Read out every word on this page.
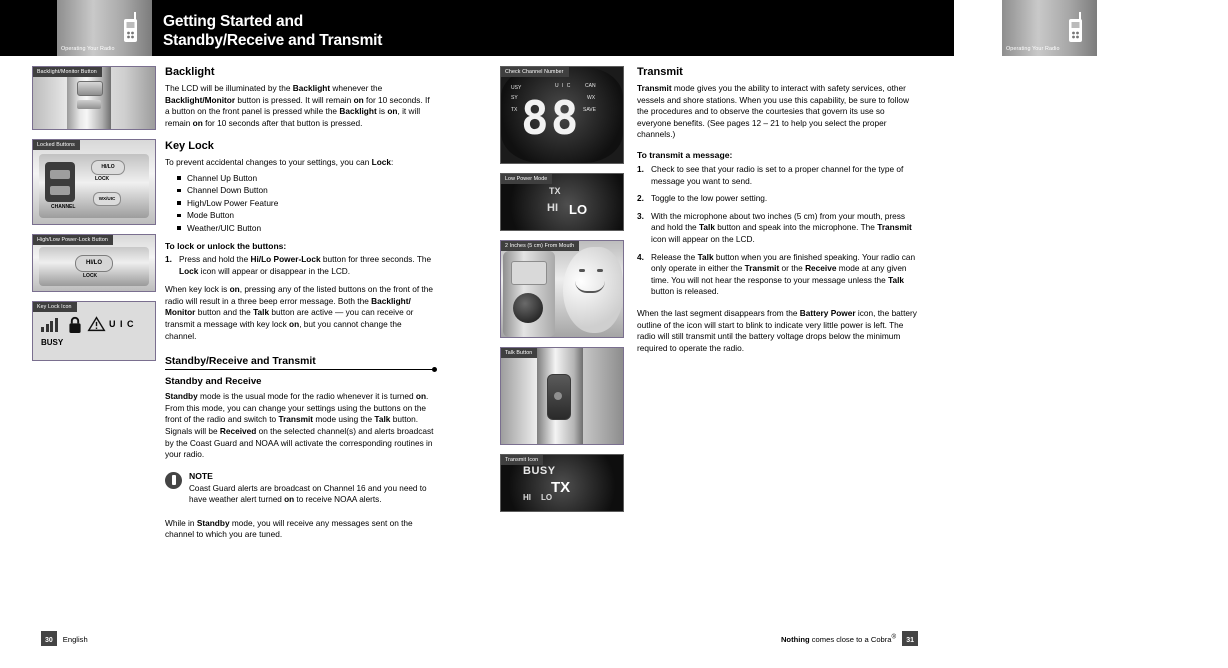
Operating Your Radio
Getting Started and
Standby/Receive and Transmit	Operating Your Radio	Standby/Receive and Transmit
Backlight/Monitor Button
HI/LO
WX/UIC
CHANNEL
LOCK
Locked Buttons
HI/LO
LOCK
High/Low Power-Lock Button
U I C
BUSY
Key Lock Icon
Backlight

The LCD will be illuminated by the Backlight whenever the Backlight/Monitor button is pressed. It will remain on for 10 seconds. If a button on the front panel is pressed while the Backlight is on, it will remain on for 10 seconds after that button is pressed.

Key Lock

To prevent accidental changes to your settings, you can Lock:

Channel Up Button
Channel Down Button
High/Low Power Feature
Mode Button
Weather/UIC Button
To lock or unlock the buttons:
Press and hold the Hi/Lo Power-Lock button for three seconds. The Lock icon will appear or disappear in the LCD.

When key lock is on, pressing any of the listed buttons on the front of the radio will result in a three beep error message. Both the Backlight/ Monitor button and the Talk button are active — you can receive or transmit a message with key lock on, but you cannot change the channel.

Standby/Receive and Transmit
Standby and Receive

Standby mode is the usual mode for the radio whenever it is turned on. From this mode, you can change your settings using the buttons on the front of the radio and switch to Transmit mode using the Talk button. Signals will be Received on the selected channel(s) and alerts broadcast by the Coast Guard and NOAA will activate the corresponding routines in your radio.

NOTE
Coast Guard alerts are broadcast on Channel 16 and you need to have weather alert turned on to receive NOAA alerts.

While in Standby mode, you will receive any messages sent on the channel to which you are tuned.

USY
SY
TX
U I C	CAN
WX
SAVE
88
Check Channel Number
TX
HI LO
Low Power Mode
2 Inches (5 cm) From Mouth
Talk Button
BUSY
TX
HI LO
Transmit Icon
Transmit

Transmit mode gives you the ability to interact with safety services, other vessels and shore stations. When you use this capability, be sure to follow the procedures and to observe the courtesies that govern its use so everyone benefits. (See pages 12 – 21 to help you select the proper channels.)

To transmit a message:
Check to see that your radio is set to a proper channel for the type of message you want to send.
Toggle to the low power setting.
With the microphone about two inches (5 cm) from your mouth, press and hold the Talk button and speak into the microphone. The Transmit icon will appear on the LCD.
Release the Talk button when you are finished speaking. Your radio can only operate in either the Transmit or the Receive mode at any given time. You will not hear the response to your message unless the Talk button is released.

When the last segment disappears from the Battery Power icon, the battery outline of the icon will start to blink to indicate very little power is left. The radio will still transmit until the battery voltage drops below the minimum required to operate the radio.

30 English	Nothing comes close to a Cobra®31
